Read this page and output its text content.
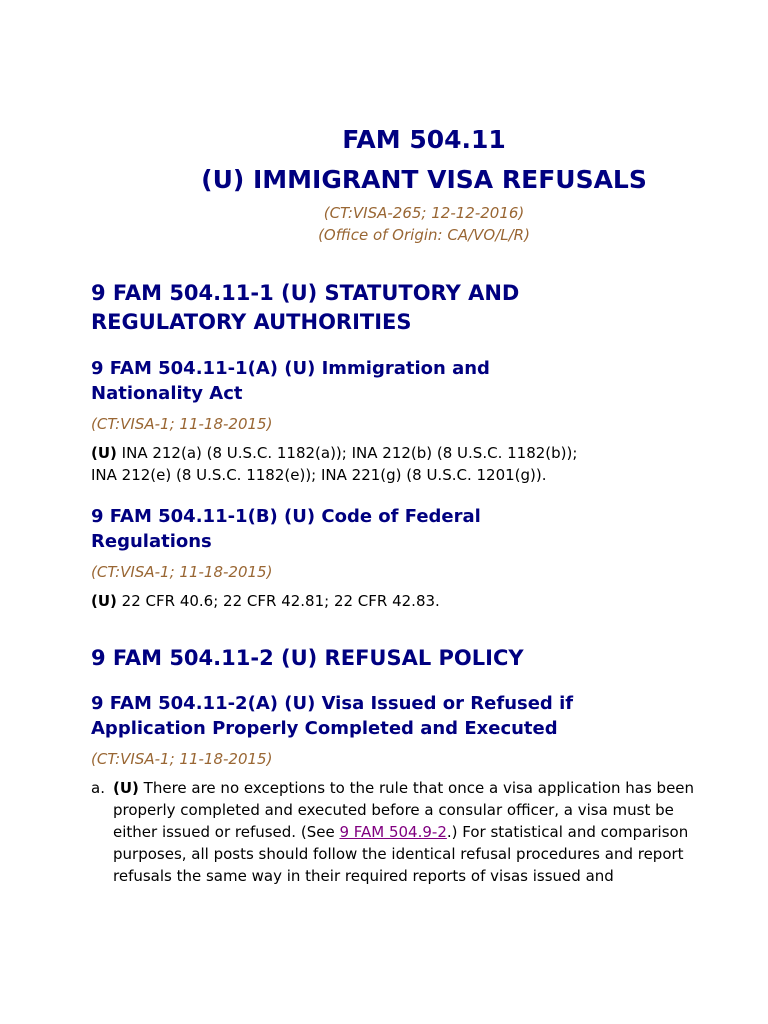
FAM 504.11

(U) IMMIGRANT VISA REFUSALS

(CT:VISA-265; 12-12-2016)

(Office of Origin: CA/VO/L/R)

9 FAM 504.11-1 (U) STATUTORY AND
REGULATORY AUTHORITIES
9 FAM 504.11-1(A) (U) Immigration and
Nationality Act

(CT:VISA-1; 11-18-2015)

(U) INA 212(a) (8 U.S.C. 1182(a)); INA 212(b) (8 U.S.C. 1182(b));
INA 212(e) (8 U.S.C. 1182(e)); INA 221(g) (8 U.S.C. 1201(g)).

9 FAM 504.11-1(B) (U) Code of Federal
Regulations

(CT:VISA-1; 11-18-2015)

(U) 22 CFR 40.6; 22 CFR 42.81; 22 CFR 42.83.

9 FAM 504.11-2 (U) REFUSAL POLICY
9 FAM 504.11-2(A) (U) Visa Issued or Refused if
Application Properly Completed and Executed

(CT:VISA-1; 11-18-2015)

a. (U) There are no exceptions to the rule that once a visa application has been properly completed and executed before a consular officer, a visa must be either issued or refused. (See 9 FAM 504.9-2.) For statistical and comparison purposes, all posts should follow the identical refusal procedures and report refusals the same way in their required reports of visas issued and
